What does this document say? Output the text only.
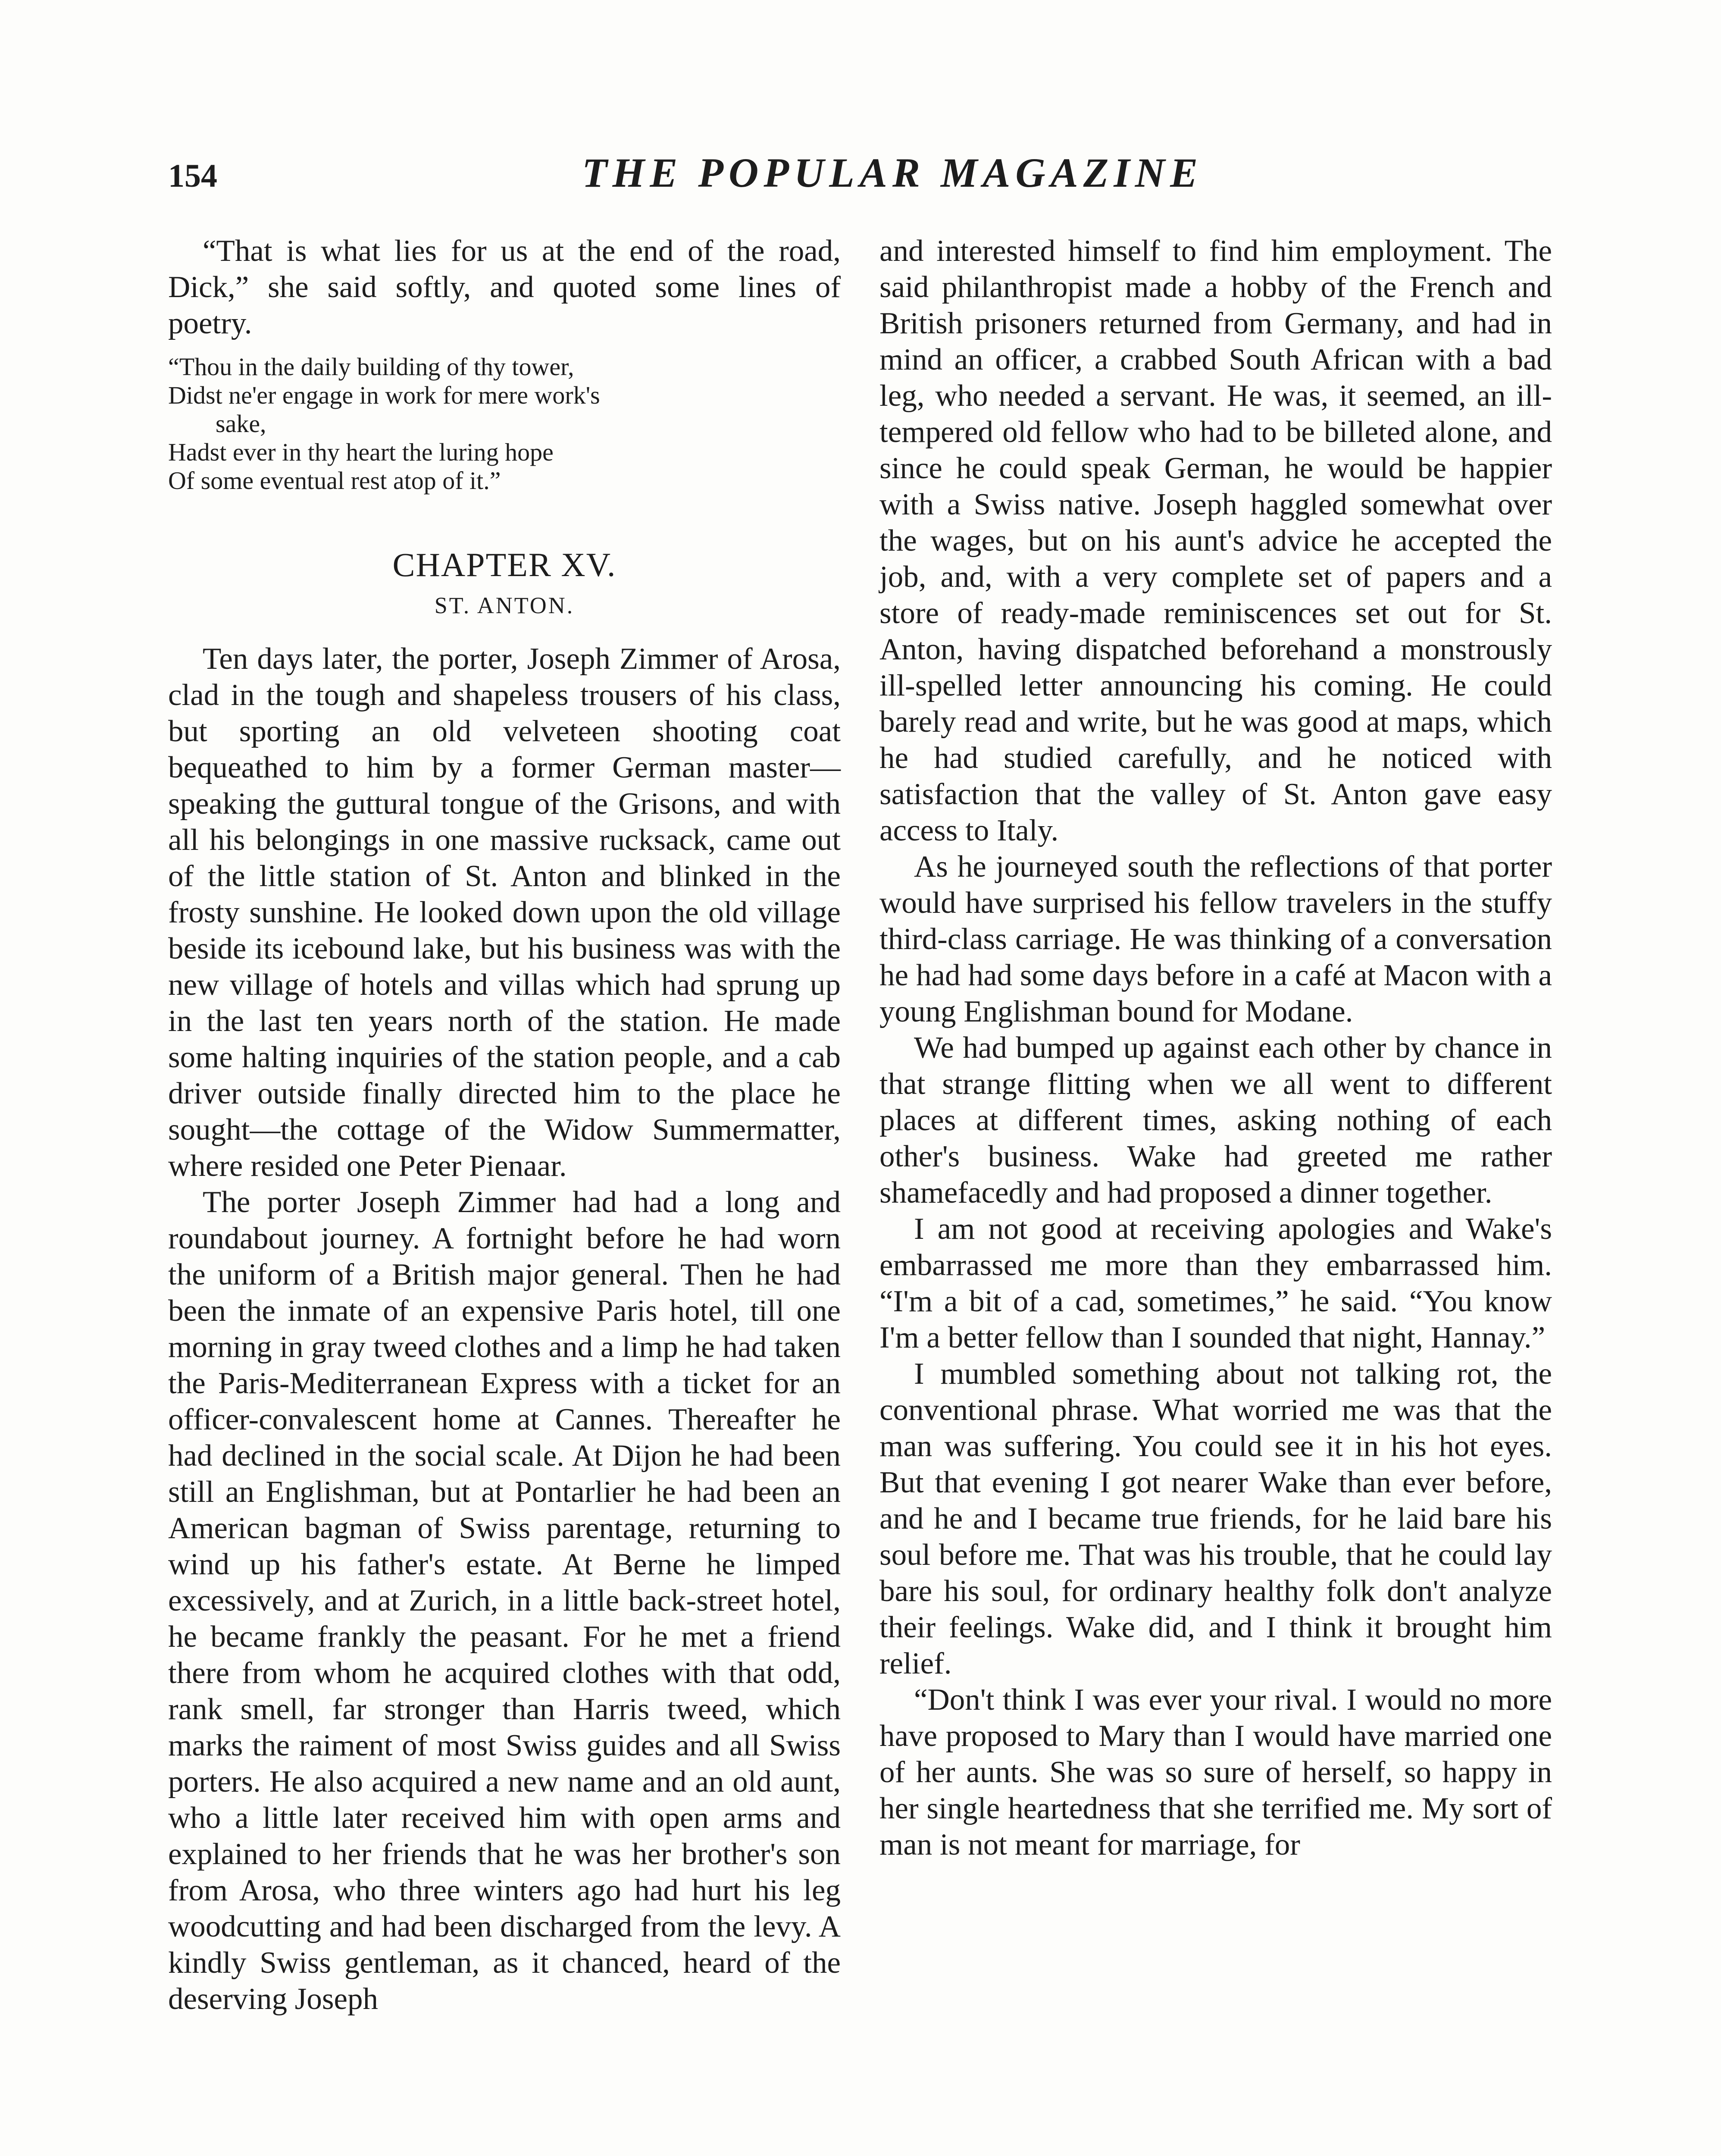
154	THE POPULAR MAGAZINE

“That is what lies for us at the end of the road, Dick,” she said softly, and quoted some lines of poetry.

“Thou in the daily building of thy tower,
Didst ne'er engage in work for mere work's
sake,
Hadst ever in thy heart the luring hope
Of some eventual rest atop of it.”
CHAPTER XV.
ST. ANTON.

Ten days later, the porter, Joseph Zimmer of Arosa, clad in the tough and shapeless trousers of his class, but sporting an old velveteen shooting coat bequeathed to him by a former German master—speaking the guttural tongue of the Grisons, and with all his belongings in one massive rucksack, came out of the little station of St. Anton and blinked in the frosty sunshine. He looked down upon the old village beside its icebound lake, but his business was with the new village of hotels and villas which had sprung up in the last ten years north of the station. He made some halting inquiries of the station people, and a cab driver outside finally directed him to the place he sought—the cottage of the Widow Summermatter, where resided one Peter Pienaar.

The porter Joseph Zimmer had had a long and roundabout journey. A fortnight before he had worn the uniform of a British major general. Then he had been the inmate of an expensive Paris hotel, till one morning in gray tweed clothes and a limp he had taken the Paris-Mediterranean Express with a ticket for an officer-convalescent home at Cannes. Thereafter he had declined in the social scale. At Dijon he had been still an Englishman, but at Pontarlier he had been an American bagman of Swiss parentage, returning to wind up his father's estate. At Berne he limped excessively, and at Zurich, in a little back-street hotel, he became frankly the peasant. For he met a friend there from whom he acquired clothes with that odd, rank smell, far stronger than Harris tweed, which marks the raiment of most Swiss guides and all Swiss porters. He also acquired a new name and an old aunt, who a little later received him with open arms and explained to her friends that he was her brother's son from Arosa, who three winters ago had hurt his leg woodcutting and had been discharged from the levy. A kindly Swiss gentleman, as it chanced, heard of the deserving Joseph

and interested himself to find him employment. The said philanthropist made a hobby of the French and British prisoners returned from Germany, and had in mind an officer, a crabbed South African with a bad leg, who needed a servant. He was, it seemed, an ill-tempered old fellow who had to be billeted alone, and since he could speak German, he would be happier with a Swiss native. Joseph haggled somewhat over the wages, but on his aunt's advice he accepted the job, and, with a very complete set of papers and a store of ready-made reminiscences set out for St. Anton, having dispatched beforehand a monstrously ill-spelled letter announcing his coming. He could barely read and write, but he was good at maps, which he had studied carefully, and he noticed with satisfaction that the valley of St. Anton gave easy access to Italy.

As he journeyed south the reflections of that porter would have surprised his fellow travelers in the stuffy third-class carriage. He was thinking of a conversation he had had some days before in a café at Macon with a young Englishman bound for Modane.

We had bumped up against each other by chance in that strange flitting when we all went to different places at different times, asking nothing of each other's business. Wake had greeted me rather shamefacedly and had proposed a dinner together.

I am not good at receiving apologies and Wake's embarrassed me more than they embarrassed him. “I'm a bit of a cad, sometimes,” he said. “You know I'm a better fellow than I sounded that night, Hannay.”

I mumbled something about not talking rot, the conventional phrase. What worried me was that the man was suffering. You could see it in his hot eyes. But that evening I got nearer Wake than ever before, and he and I became true friends, for he laid bare his soul before me. That was his trouble, that he could lay bare his soul, for ordinary healthy folk don't analyze their feelings. Wake did, and I think it brought him relief.

“Don't think I was ever your rival. I would no more have proposed to Mary than I would have married one of her aunts. She was so sure of herself, so happy in her single heartedness that she terrified me. My sort of man is not meant for marriage, for
